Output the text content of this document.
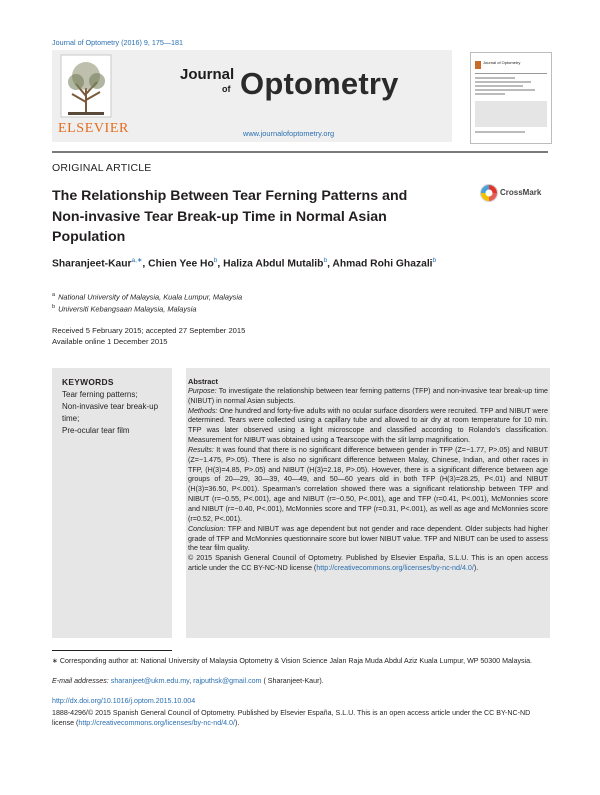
Journal of Optometry (2016) 9, 175—181
ELSEVIER
Journal
of Optometry
www.journalofoptometry.org
Journal of Optometry
ORIGINAL ARTICLE
The Relationship Between Tear Ferning Patterns and Non-invasive Tear Break-up Time in Normal Asian Population
CrossMark
Sharanjeet-Kaur$^{a,∗}$, Chien Yee Ho$^b$, Haliza Abdul Mutalib$^b$, Ahmad Rohi Ghazali$^b$
$^a$ National University of Malaysia, Kuala Lumpur, Malaysia
$^b$ Universiti Kebangsaan Malaysia, Malaysia
Received 5 February 2015; accepted 27 September 2015
Available online 1 December 2015
KEYWORDS
Tear ferning patterns;
Non-invasive tear break-up time;
Pre-ocular tear film

Abstract

Purpose: To investigate the relationship between tear ferning patterns (TFP) and non-invasive tear break-up time (NIBUT) in normal Asian subjects.

Methods: One hundred and forty-five adults with no ocular surface disorders were recruited. TFP and NIBUT were determined. Tears were collected using a capillary tube and allowed to air dry at room temperature for 10 min. TFP was later observed using a light microscope and classified according to Rolando's classification. Measurement for NIBUT was obtained using a Tearscope with the slit lamp magnification.

Results: It was found that there is no significant difference between gender in TFP (Z=−1.77, P>.05) and NIBUT (Z=−1.475, P>.05). There is also no significant difference between Malay, Chinese, Indian, and other races in TFP, (H(3)=4.85, P>.05) and NIBUT (H(3)=2.18, P>.05). However, there is a significant difference between age groups of 20—29, 30—39, 40—49, and 50—60 years old in both TFP (H(3)=28.25, P<.01) and NIBUT (H(3)=36.50, P<.001). Spearman's correlation showed there was a significant relationship between TFP and NIBUT (r=−0.55, P<.001), age and NIBUT (r=−0.50, P<.001), age and TFP (r=0.41, P<.001), McMonnies score and NIBUT (r=−0.40, P<.001), McMonnies score and TFP (r=0.31, P<.001), as well as age and McMonnies score (r=0.52, P<.001).

Conclusion: TFP and NIBUT was age dependent but not gender and race dependent. Older subjects had higher grade of TFP and McMonnies questionnaire score but lower NIBUT value. TFP and NIBUT can be used to assess the tear film quality.

© 2015 Spanish General Council of Optometry. Published by Elsevier España, S.L.U. This is an open access article under the CC BY-NC-ND license (http://creativecommons.org/licenses/by-nc-nd/4.0/).

∗ Corresponding author at: National University of Malaysia Optometry & Vision Science Jalan Raja Muda Abdul Aziz Kuala Lumpur, WP 50300 Malaysia.
E-mail addresses: sharanjeet@ukm.edu.my, rajputhsk@gmail.com ( Sharanjeet-Kaur).
http://dx.doi.org/10.1016/j.optom.2015.10.004
1888-4296/© 2015 Spanish General Council of Optometry. Published by Elsevier España, S.L.U. This is an open access article under the CC BY-NC-ND license (http://creativecommons.org/licenses/by-nc-nd/4.0/).
